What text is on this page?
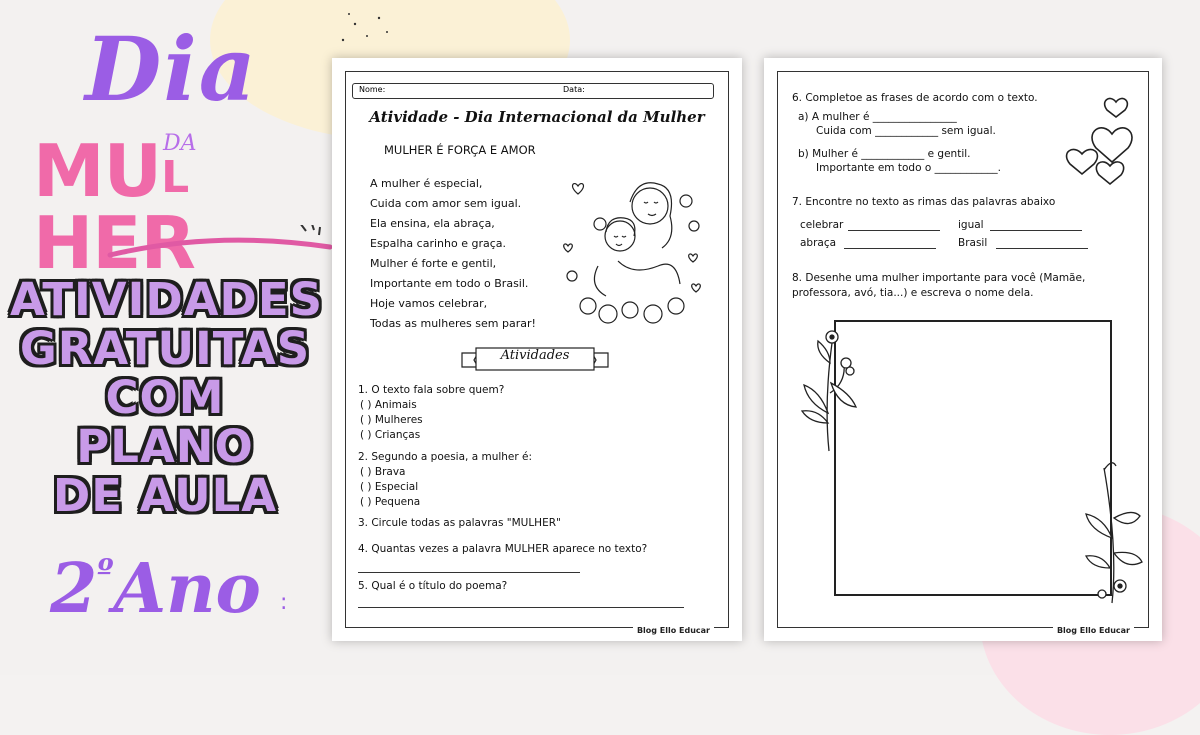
Dia
DA
MULHER
ATIVIDADES
GRATUITAS
COM PLANO
DE AULA
$2^ºAno$ :
Nome:	Data:
Atividade - Dia Internacional da Mulher
MULHER É FORÇA E AMOR
A mulher é especial,
Cuida com amor sem igual.
Ela ensina, ela abraça,
Espalha carinho e graça.
Mulher é forte e gentil,
Importante em todo o Brasil.
Hoje vamos celebrar,
Todas as mulheres sem parar!
Atividades
1. O texto fala sobre quem?
( ) Animais
( ) Mulheres
( ) Crianças
2. Segundo a poesia, a mulher é:
( ) Brava
( ) Especial
( ) Pequena
3. Circule todas as palavras "MULHER"
4. Quantas vezes a palavra MULHER aparece no texto?
5. Qual é o título do poema?
Blog Ello Educar
6. Completoe as frases de acordo com o texto.
a) A mulher é ________________
Cuida com ____________ sem igual.
b) Mulher é ____________ e gentil.
Importante em todo o ____________.
7. Encontre no texto as rimas das palavras abaixo
celebrar	igual
abraça	Brasil
8. Desenhe uma mulher importante para você (Mamãe,
professora, avó, tia...) e escreva o nome dela.
Blog Ello Educar
